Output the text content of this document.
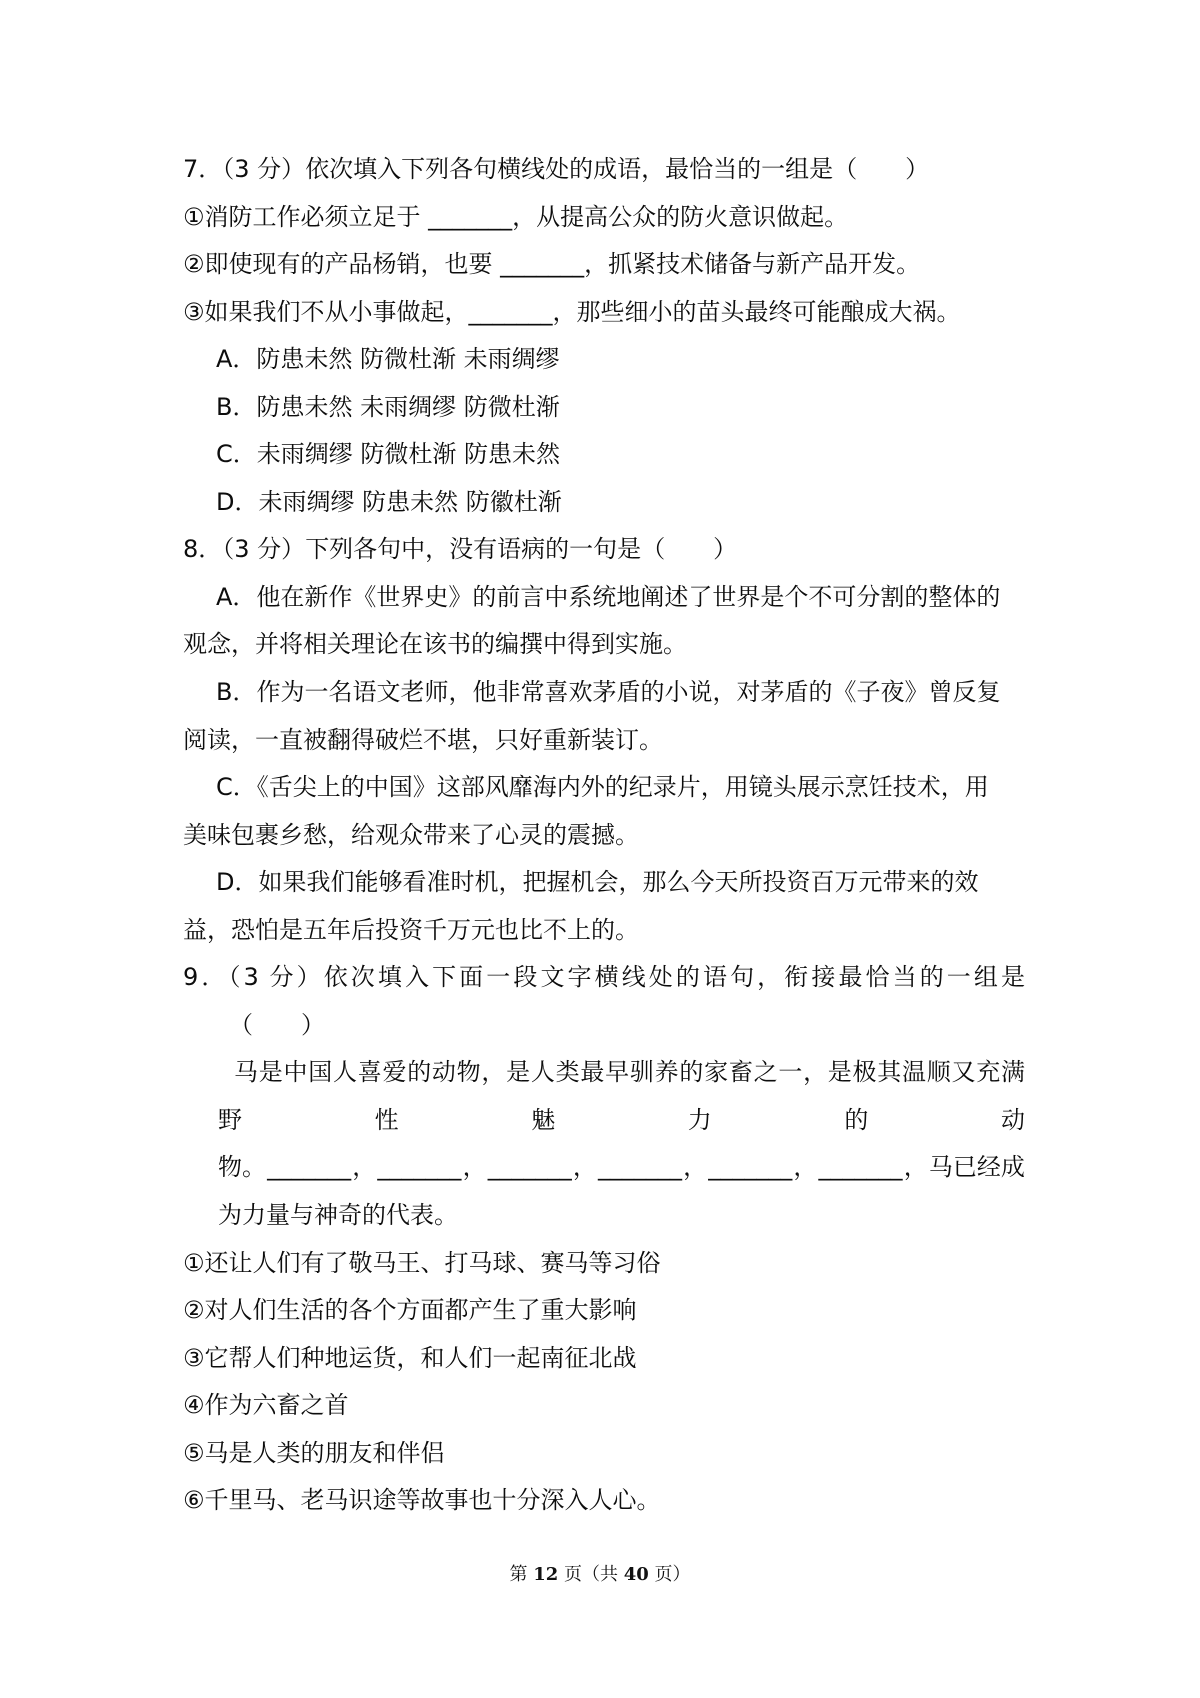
7．（3 分）依次填入下列各句横线处的成语，最恰当的一组是（　　）
①消防工作必须立足于 _______，从提高公众的防火意识做起。
②即使现有的产品杨销，也要 _______，抓紧技术储备与新产品开发。
③如果我们不从小事做起，_______，那些细小的苗头最终可能酿成大祸。
A．防患未然 防微杜渐 未雨绸缪
B．防患未然 未雨绸缪 防微杜渐
C．未雨绸缪 防微杜渐 防患未然
D．未雨绸缪 防患未然 防徽杜渐
8．（3 分）下列各句中，没有语病的一句是（　　）
A．他在新作《世界史》的前言中系统地阐述了世界是个不可分割的整体的
观念，并将相关理论在该书的编撰中得到实施。
B．作为一名语文老师，他非常喜欢茅盾的小说，对茅盾的《子夜》曾反复
阅读，一直被翻得破烂不堪，只好重新装订。
C．《舌尖上的中国》这部风靡海内外的纪录片，用镜头展示烹饪技术，用
美味包裹乡愁，给观众带来了心灵的震撼。
D．如果我们能够看准时机，把握机会，那么今天所投资百万元带来的效
益，恐怕是五年后投资千万元也比不上的。
9．（3 分）依次填入下面一段文字横线处的语句，衔接最恰当的一组是
（　　）
马是中国人喜爱的动物，是人类最早驯养的家畜之一，是极其温顺又充满
野	性	魅	力	的	动
物。 _______ ， _______ ， _______ ， _______ ， _______ ， _______ ， 马已经成
为力量与神奇的代表。
①还让人们有了敬马王、打马球、赛马等习俗
②对人们生活的各个方面都产生了重大影响
③它帮人们种地运货，和人们一起南征北战
④作为六畜之首
⑤马是人类的朋友和伴侣
⑥千里马、老马识途等故事也十分深入人心。
第 12 页（共 40 页）
